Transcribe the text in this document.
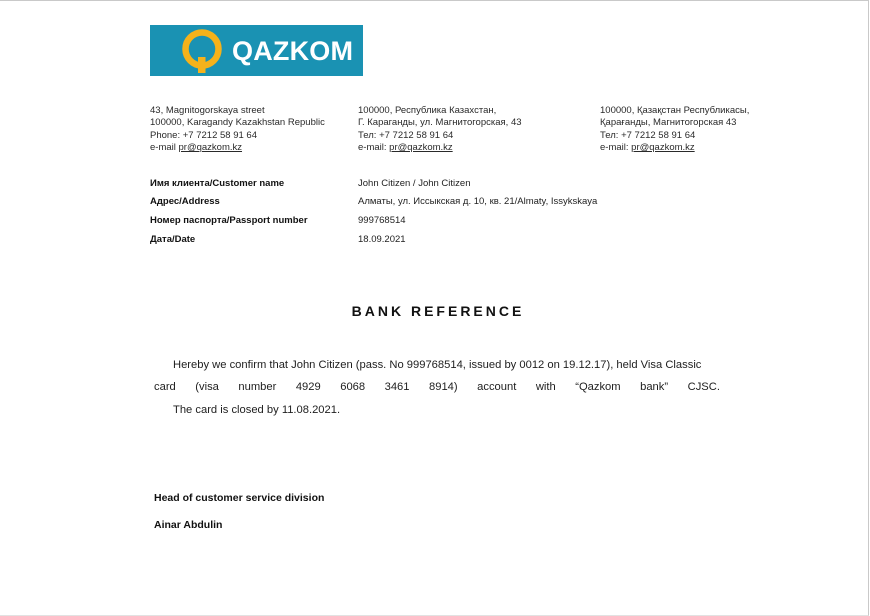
QAZKOM
43, Magnitogorskaya street
100000, Karagandy Kazakhstan Republic
Phone: +7 7212 58 91 64
e-mail pr@qazkom.kz
100000, Республика Казахстан,
Г. Караганды, ул. Магнитогорская, 43
Тел: +7 7212 58 91 64
e-mail: pr@qazkom.kz
100000, Қазақстан Республикасы,
Қарағанды, Магнитогорская 43
Тел: +7 7212 58 91 64
e-mail: pr@qazkom.kz
Имя клиента/Customer name	John Citizen / John Citizen
Адрес/Address	Алматы, ул. Иссыкская д. 10, кв. 21/Almaty, Issykskaya
Номер паспорта/Passport number	999768514
Дата/Date	18.09.2021
BANK REFERENCE
Hereby we confirm that John Citizen (pass. No 999768514, issued by 0012 on 19.12.17), held Visa Classic
card (visa number 4929 6068 3461 8914) account with “Qazkom bank” CJSC.
The card is closed by 11.08.2021.
Head of customer service division
Ainar Abdulin
